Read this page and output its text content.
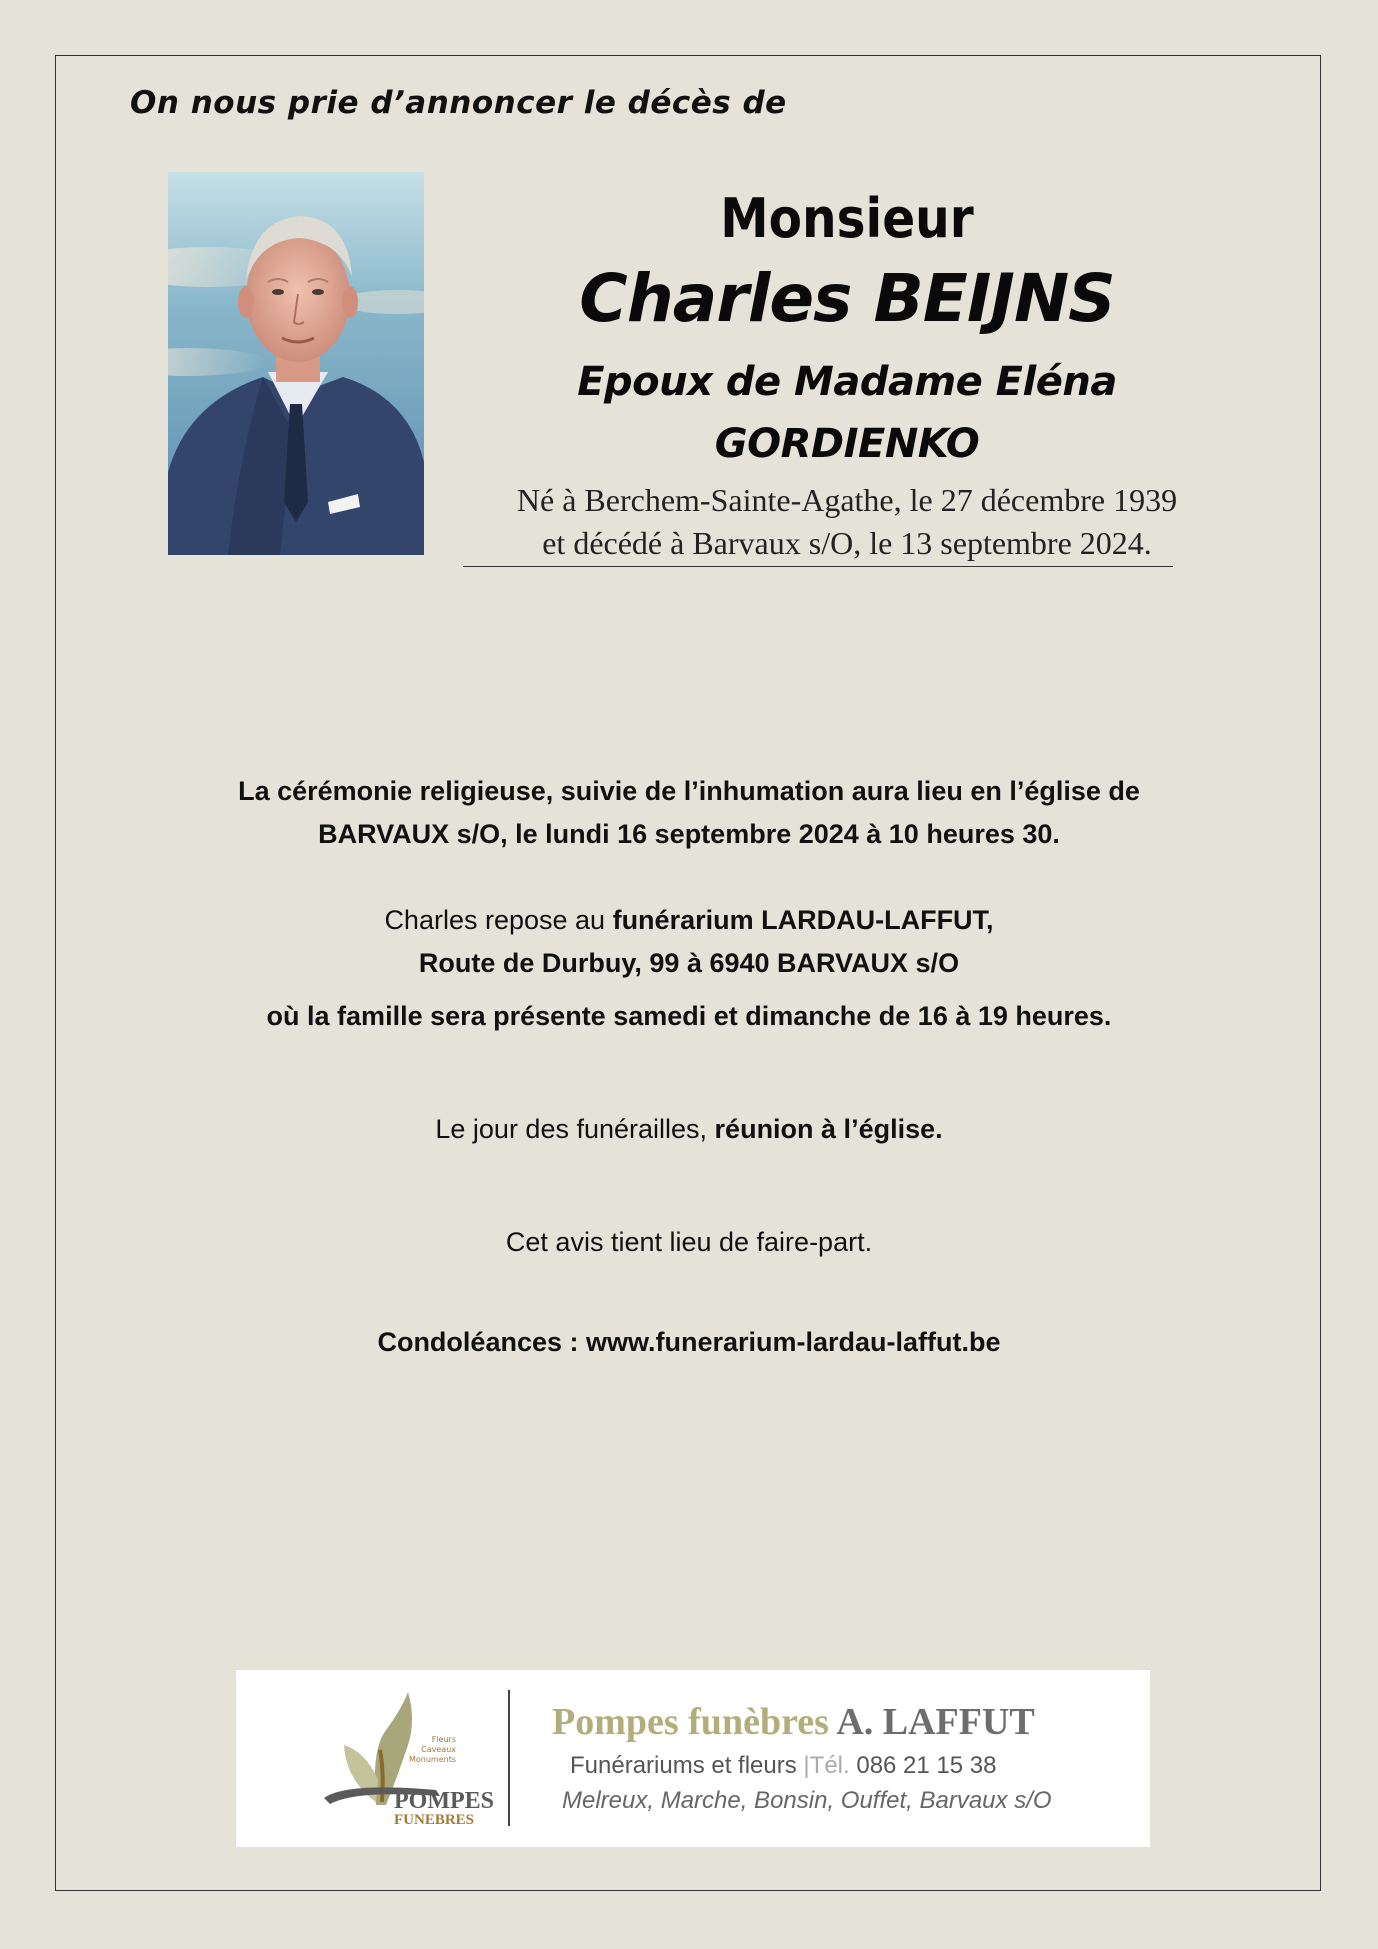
On nous prie d’annoncer le décès de
Monsieur
Charles BEIJNS
Epoux de Madame Eléna GORDIENKO
Né à Berchem-Sainte-Agathe, le 27 décembre 1939
et décédé à Barvaux s/O, le 13 septembre 2024.
La cérémonie religieuse, suivie de l’inhumation aura lieu en l’église de
BARVAUX s/O, le lundi 16 septembre 2024 à 10 heures 30.
Charles repose au funérarium LARDAU-LAFFUT,
Route de Durbuy, 99 à 6940 BARVAUX s/O
où la famille sera présente samedi et dimanche de 16 à 19 heures.
Le jour des funérailles, réunion à l’église.
Cet avis tient lieu de faire-part.
Condoléances : www.funerarium-lardau-laffut.be
Fleurs
Caveaux
Monuments
POMPES
FUNEBRES
Pompes funèbres A. LAFFUT
Funérariums et fleurs |Tél. 086 21 15 38
Melreux, Marche, Bonsin, Ouffet, Barvaux s/O
